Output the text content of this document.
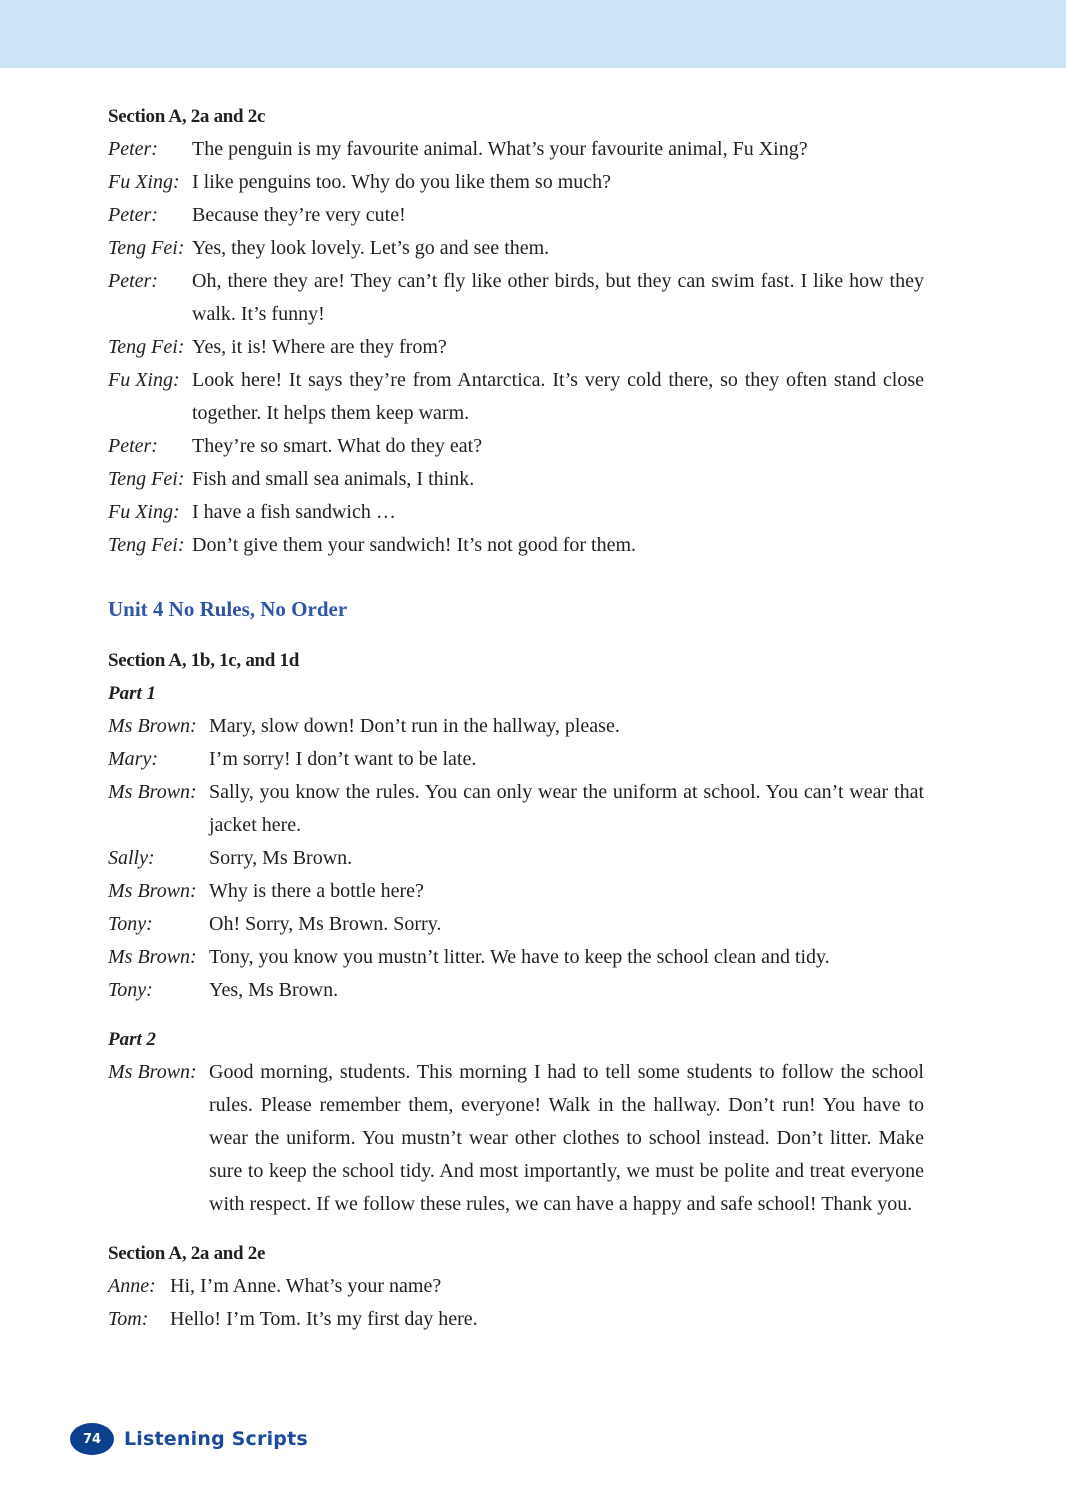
Section A, 2a and 2c
Peter:	The penguin is my favourite animal. What’s your favourite animal, Fu Xing?
Fu Xing: I like penguins too. Why do you like them so much?
Peter:	Because they’re very cute!
Teng Fei: Yes, they look lovely. Let’s go and see them.
Peter:	Oh, there they are! They can’t fly like other birds, but they can swim fast. I like how they walk. It’s funny!
Teng Fei: Yes, it is! Where are they from?
Fu Xing: Look here! It says they’re from Antarctica. It’s very cold there, so they often stand close together. It helps them keep warm.
Peter:	They’re so smart. What do they eat?
Teng Fei: Fish and small sea animals, I think.
Fu Xing: I have a fish sandwich …
Teng Fei: Don’t give them your sandwich! It’s not good for them.
Unit 4 No Rules, No Order
Section A, 1b, 1c, and 1d
Part 1
Ms Brown: Mary, slow down! Don’t run in the hallway, please.
Mary:	I’m sorry! I don’t want to be late.
Ms Brown: Sally, you know the rules. You can only wear the uniform at school. You can’t wear that jacket here.
Sally:	Sorry, Ms Brown.
Ms Brown: Why is there a bottle here?
Tony:	Oh! Sorry, Ms Brown. Sorry.
Ms Brown: Tony, you know you mustn’t litter. We have to keep the school clean and tidy.
Tony:	Yes, Ms Brown.
Part 2
Ms Brown: Good morning, students. This morning I had to tell some students to follow the school rules. Please remember them, everyone! Walk in the hallway. Don’t run! You have to wear the uniform. You mustn’t wear other clothes to school instead. Don’t litter. Make sure to keep the school tidy. And most importantly, we must be polite and treat everyone with respect. If we follow these rules, we can have a happy and safe school! Thank you.
Section A, 2a and 2e
Anne: Hi, I’m Anne. What’s your name?
Tom:	Hello! I’m Tom. It’s my first day here.
74	Listening Scripts
